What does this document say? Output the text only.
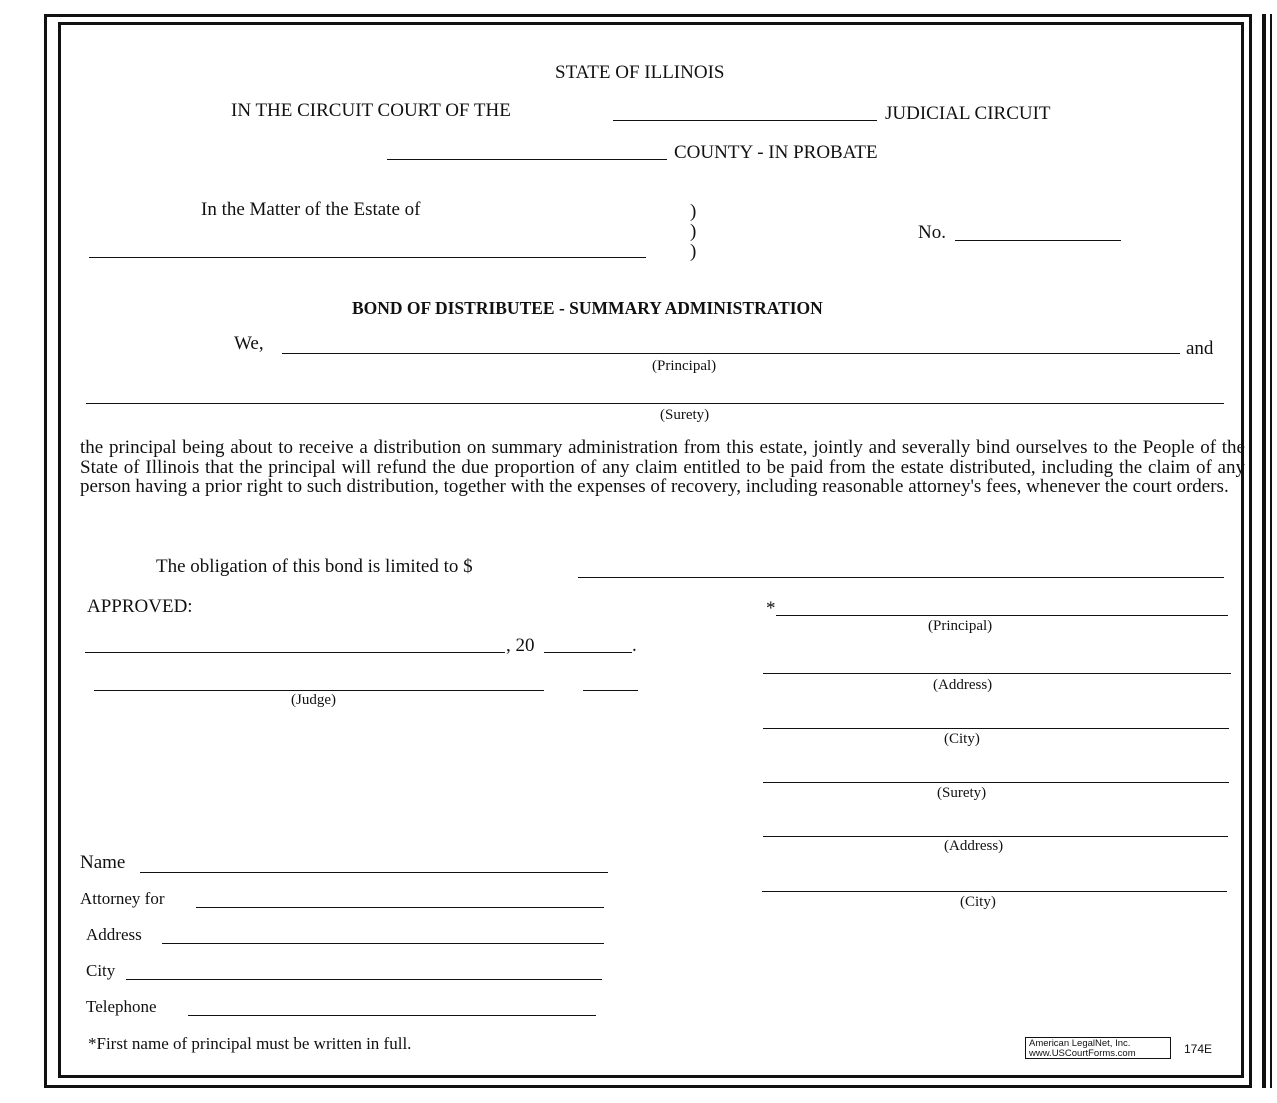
STATE OF ILLINOIS
IN THE CIRCUIT COURT OF THE	JUDICIAL CIRCUIT
COUNTY - IN PROBATE
In the Matter of the Estate of	)
)
)
No.
BOND OF DISTRIBUTEE - SUMMARY ADMINISTRATION
We,	and
(Principal)
(Surety)
the principal being about to receive a distribution on summary administration from this estate, jointly and severally bind ourselves to the People of the State of Illinois that the principal will refund the due proportion of any claim entitled to be paid from the estate distributed, including the claim of any person having a prior right to such distribution, together with the expenses of recovery, including reasonable attorney's fees, whenever the court orders.
The obligation of this bond is limited to $
APPROVED:
, 20	.
(Judge)
*
(Principal)
(Address)
(City)
(Surety)
(Address)
(City)
Name
Attorney for
Address
City
Telephone
*First name of principal must be written in full.	American LegalNet, Inc.
www.USCourtForms.com	174E
